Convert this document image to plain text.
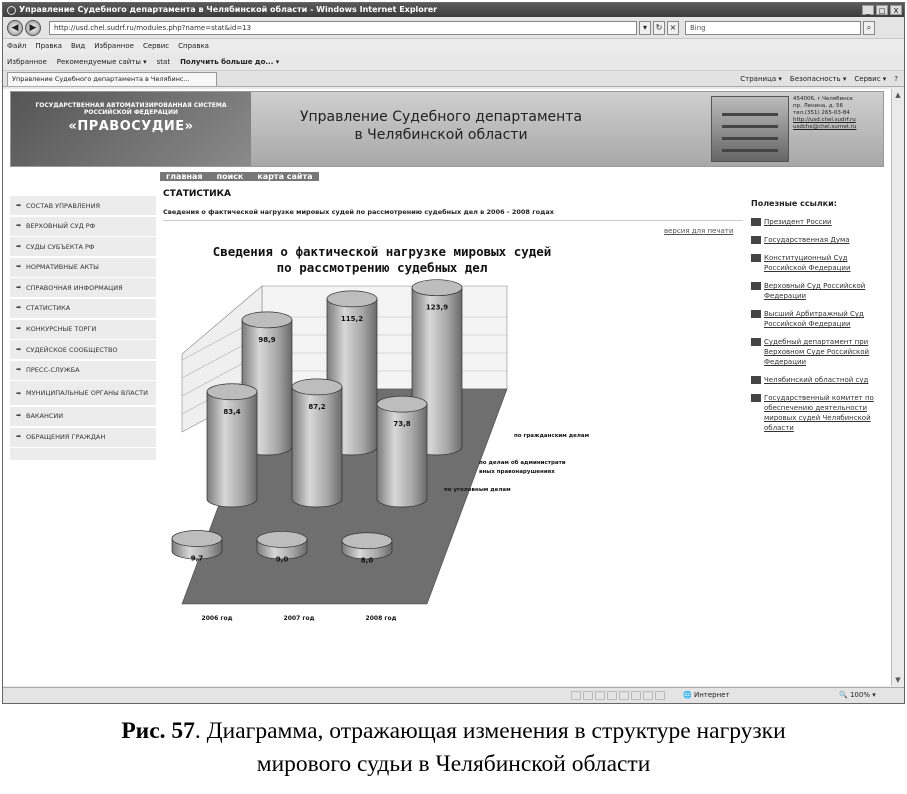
Управление Судебного департамента в Челябинской области - Windows Internet Explorer	_	□	X
◀	▶	http://usd.chel.sudrf.ru/modules.php?name=stat&id=13	▾	↻ ×	Bing	⌕
Файл Правка Вид Избранное Сервис Справка
Избранное Рекомендуемые сайты ▾ stat Получить больше до... ▾
Управление Судебного департамента в Челябинс...	Страница ▾ Безопасность ▾ Сервис ▾ ?
ГОСУДАРСТВЕННАЯ АВТОМАТИЗИРОВАННАЯ СИСТЕМА РОССИЙСКОЙ ФЕДЕРАЦИИ
«ПРАВОСУДИЕ»
Управление Судебного департамента
в Челябинской области
454006, г.Челябинск
пр. Ленина, д. 56
тел.(351) 265-03-84
http://usd.chel.sudrf.ru
usdche@chel.surnet.ru
главная поиск карта сайта
➡ СОСТАВ УПРАВЛЕНИЯ
➡ ВЕРХОВНЫЙ СУД РФ
➡ СУДЫ СУБЪЕКТА РФ
➡ НОРМАТИВНЫЕ АКТЫ
➡ СПРАВОЧНАЯ ИНФОРМАЦИЯ
➡ СТАТИСТИКА
➡ КОНКУРСНЫЕ ТОРГИ
➡ СУДЕЙСКОЕ СООБЩЕСТВО
➡ ПРЕСС-СЛУЖБА
➡ МУНИЦИПАЛЬНЫЕ ОРГАНЫ ВЛАСТИ
➡ ВАКАНСИИ
➡ ОБРАЩЕНИЯ ГРАЖДАН
СТАТИСТИКА
Сведения о фактической нагрузке мировых судей по рассмотрению судебных дел в 2006 - 2008 годах
версия для печати
Сведения о фактической нагрузке мировых судей
по рассмотрению судебных дел
98,9
115,2
123,9
по гражданским делам
83,4
87,2
73,8
по делам об администрати
вных правонарушениях
9,7	9,0	8,0
по уголовным делам
2006 год	2007 год	2008 год
Полезные ссылки:
Президент России
Государственная Дума
Конституционный Суд Российской Федерации
Верховный Суд Российской Федерации
Высший Арбитражный Суд Российской Федерации
Судебный департамент при Верховном Суде Российской Федерации
Челябинский областной суд
Государственный комитет по обеспечению деятельности мировых судей Челябинской области
▲
▼
🌐 Интернет	🔍 100% ▾
Рис. 57. Диаграмма, отражающая изменения в структуре нагрузки
мирового судьи в Челябинской области
